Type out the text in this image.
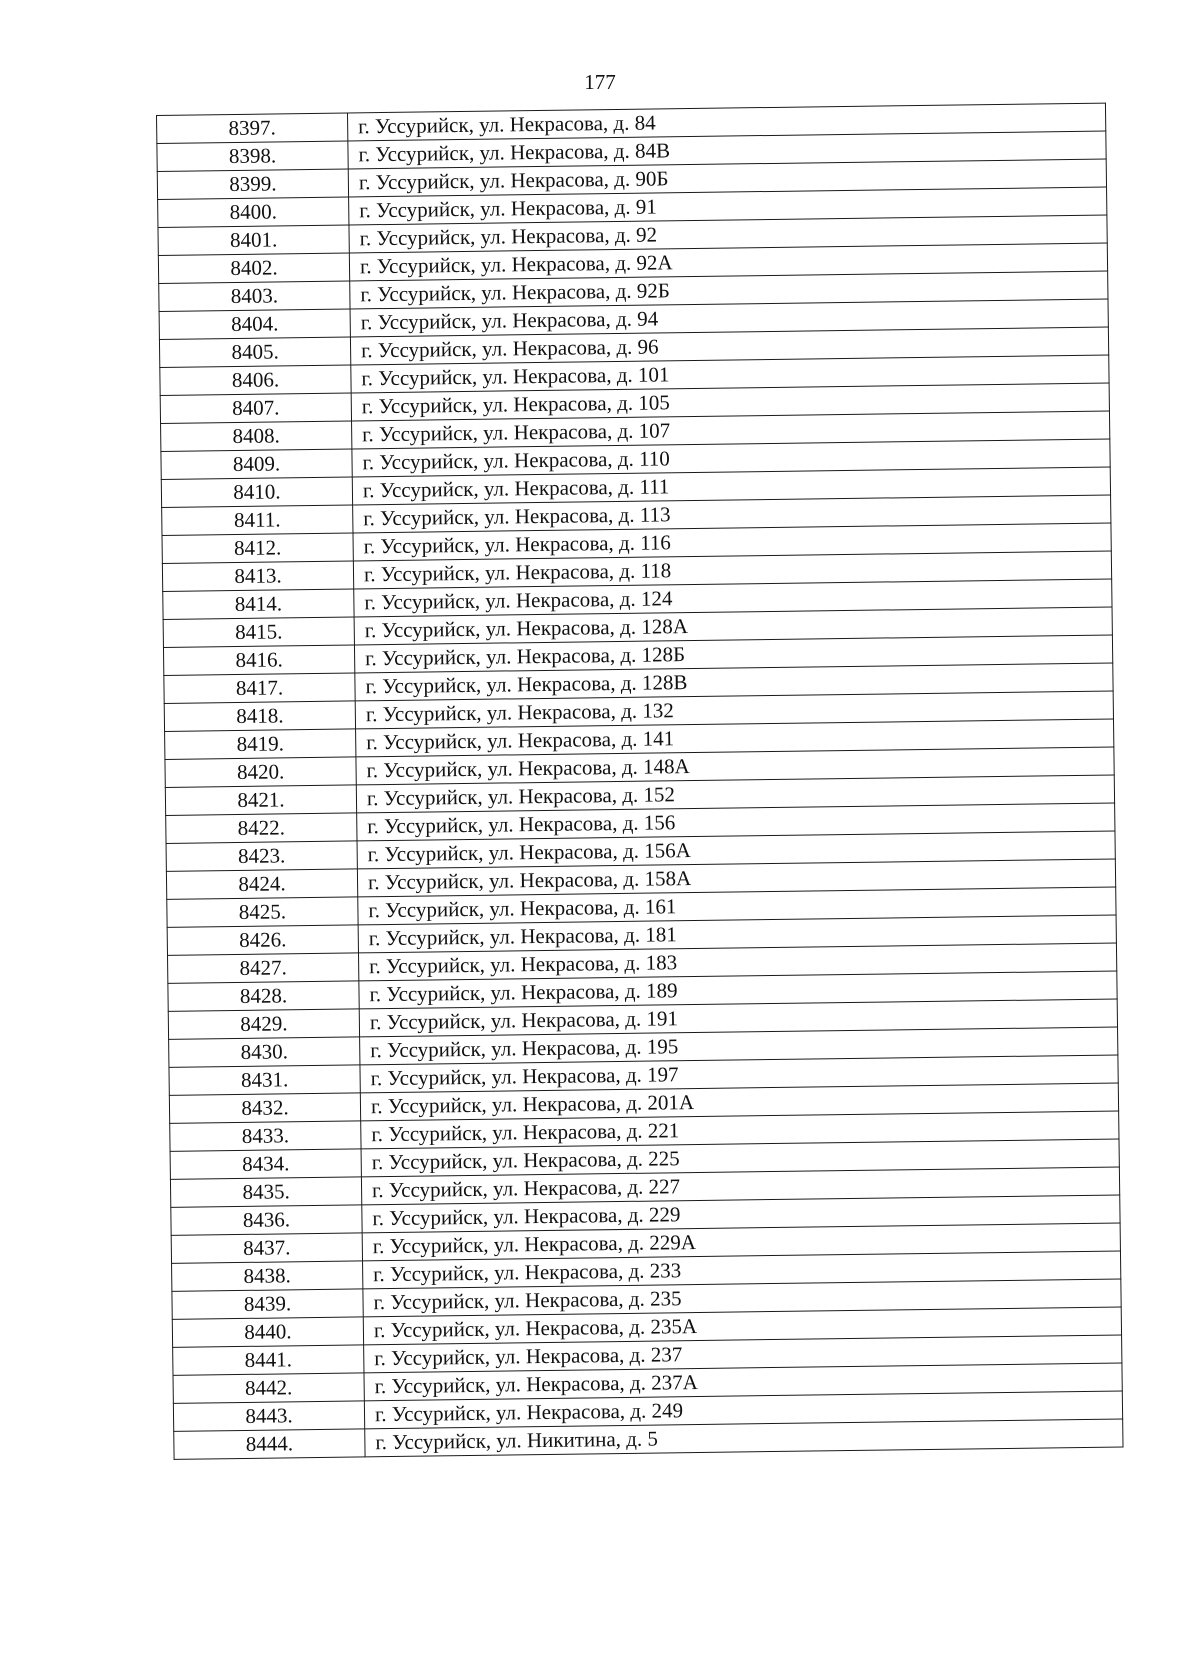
177
8397.	г. Уссурийск, ул. Некрасова, д. 84
8398.	г. Уссурийск, ул. Некрасова, д. 84В
8399.	г. Уссурийск, ул. Некрасова, д. 90Б
8400.	г. Уссурийск, ул. Некрасова, д. 91
8401.	г. Уссурийск, ул. Некрасова, д. 92
8402.	г. Уссурийск, ул. Некрасова, д. 92А
8403.	г. Уссурийск, ул. Некрасова, д. 92Б
8404.	г. Уссурийск, ул. Некрасова, д. 94
8405.	г. Уссурийск, ул. Некрасова, д. 96
8406.	г. Уссурийск, ул. Некрасова, д. 101
8407.	г. Уссурийск, ул. Некрасова, д. 105
8408.	г. Уссурийск, ул. Некрасова, д. 107
8409.	г. Уссурийск, ул. Некрасова, д. 110
8410.	г. Уссурийск, ул. Некрасова, д. 111
8411.	г. Уссурийск, ул. Некрасова, д. 113
8412.	г. Уссурийск, ул. Некрасова, д. 116
8413.	г. Уссурийск, ул. Некрасова, д. 118
8414.	г. Уссурийск, ул. Некрасова, д. 124
8415.	г. Уссурийск, ул. Некрасова, д. 128А
8416.	г. Уссурийск, ул. Некрасова, д. 128Б
8417.	г. Уссурийск, ул. Некрасова, д. 128В
8418.	г. Уссурийск, ул. Некрасова, д. 132
8419.	г. Уссурийск, ул. Некрасова, д. 141
8420.	г. Уссурийск, ул. Некрасова, д. 148А
8421.	г. Уссурийск, ул. Некрасова, д. 152
8422.	г. Уссурийск, ул. Некрасова, д. 156
8423.	г. Уссурийск, ул. Некрасова, д. 156А
8424.	г. Уссурийск, ул. Некрасова, д. 158А
8425.	г. Уссурийск, ул. Некрасова, д. 161
8426.	г. Уссурийск, ул. Некрасова, д. 181
8427.	г. Уссурийск, ул. Некрасова, д. 183
8428.	г. Уссурийск, ул. Некрасова, д. 189
8429.	г. Уссурийск, ул. Некрасова, д. 191
8430.	г. Уссурийск, ул. Некрасова, д. 195
8431.	г. Уссурийск, ул. Некрасова, д. 197
8432.	г. Уссурийск, ул. Некрасова, д. 201А
8433.	г. Уссурийск, ул. Некрасова, д. 221
8434.	г. Уссурийск, ул. Некрасова, д. 225
8435.	г. Уссурийск, ул. Некрасова, д. 227
8436.	г. Уссурийск, ул. Некрасова, д. 229
8437.	г. Уссурийск, ул. Некрасова, д. 229А
8438.	г. Уссурийск, ул. Некрасова, д. 233
8439.	г. Уссурийск, ул. Некрасова, д. 235
8440.	г. Уссурийск, ул. Некрасова, д. 235А
8441.	г. Уссурийск, ул. Некрасова, д. 237
8442.	г. Уссурийск, ул. Некрасова, д. 237А
8443.	г. Уссурийск, ул. Некрасова, д. 249
8444.	г. Уссурийск, ул. Никитина, д. 5
